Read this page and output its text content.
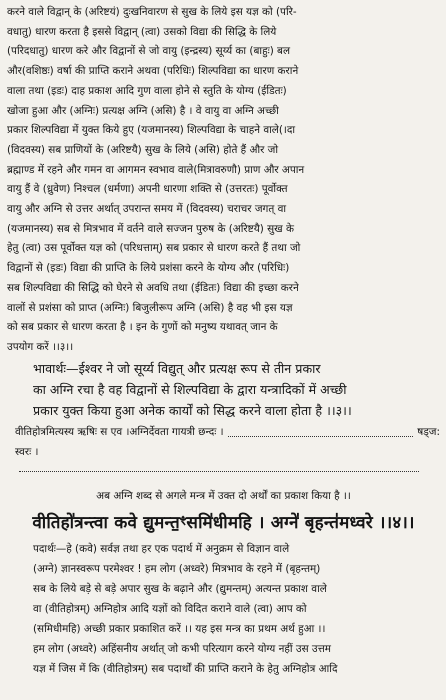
करने वाले विद्वान् के (अरिष्टयं) दुःखनिवारण से सुख के लिये इस यज्ञ को (परि-
वधातु) धारण करता है इससे विद्वान् (त्वा) उसको विद्या की सिद्धि के लिये
(परिदधातु) धारण करे और विद्वानों से जो वायु (इन्द्रस्य) सूर्य्य का (बाहुः) बल
और(वशिष्ठः) वर्षा की प्राप्ति कराने अथवा (परिधिः) शिल्पविद्या का धारण कराने
वाला तथा (इडः) दाह प्रकाश आदि गुण वाला होने से स्तुति के योग्य (ईडितः)
खोजा हुआ और (अग्निः) प्रत्यक्ष अग्नि (असि) है । वे वायु वा अग्नि अच्छी
प्रकार शिल्पविद्या में युक्त किये हुए (यजमानस्य) शिल्पविद्या के चाहने वाले(।दा
(विदवस्य) सब प्राणियों के (अरिष्टयै) सुख के लिये (असि) होते हैं और जो
ब्रह्माण्ड में रहने और गमन वा आगमन स्वभाव वाले(मित्रावरुणौ) प्राण और अपान
वायु हैं वे (ध्रुवेण) निश्चल (धर्मणा) अपनी धारणा शक्ति से (उत्तरतः) पूर्वोक्त
वायु और अग्नि से उत्तर अर्थात् उपरान्त समय में (विदवस्य) चराचर जगत् वा
(यजमानस्य) सब से मित्रभाव में वर्तने वाले सज्जन पुरुष के (अरिष्टयै) सुख के
हेतु (त्वा) उस पूर्वोक्त यज्ञ को (परिधत्ताम्) सब प्रकार से धारण करते हैं तथा जो
विद्वानों से (इडः) विद्या की प्राप्ति के लिये प्रशंसा करने के योग्य और (परिधिः)
सब शिल्पविद्या की सिद्धि को घेरने से अवधि तथा (ईडितः) विद्या की इच्छा करने
वालों से प्रशंसा को प्राप्त (अग्निः) बिजुलीरूप अग्नि (असि) है वह भी इस यज्ञ
को सब प्रकार से धारण करता है । इन के गुणों को मनुष्य यथावत् जान के
उपयोग करें ।।३।।
भावार्थः—ईश्वर ने जो सूर्य्य विद्युत् और प्रत्यक्ष रूप से तीन प्रकार
का अग्नि रचा है वह विद्वानों से शिल्पविद्या के द्वारा यन्त्रादिकों में अच्छी
प्रकार युक्त किया हुआ अनेक कार्यों को सिद्ध करने वाला होता है ।।३।।
वीतिहोत्रमित्यस्य ऋषिः स एव । अग्निर्देवता गायत्री छन्दः ।	षड्ज:
स्वरः ।
अब अग्नि शब्द से अगले मन्त्र में उक्त दो अर्थों का प्रकाश किया है ।।
वीतिहो॑त्रन्त्वा कवे द्युमन्त॒ꣳसमि॑धीमहि । अग्ने॑ बृहन्त॑मध्वरे ।।४।।
पदार्थः—हे (कवे) सर्वज्ञ तथा हर एक पदार्थ में अनुक्रम से विज्ञान वाले
(अग्ने) ज्ञानस्वरूप परमेश्वर ! हम लोग (अध्वरे) मित्रभाव के रहने में (बृहन्तम्)
सब के लिये बड़े से बड़े अपार सुख के बढ़ाने और (द्युमन्तम्) अत्यन्त प्रकाश वाले
वा (वीतिहोत्रम्) अग्निहोत्र आदि यज्ञों को विदित कराने वाले (त्वा) आप को
(समिधीमहि) अच्छी प्रकार प्रकाशित करें ।। यह इस मन्त्र का प्रथम अर्थ हुआ ।।
हम लोग (अध्वरे) अहिंसनीय अर्थात् जो कभी परित्याग करने योग्य नहीं उस उत्तम
यज्ञ में जिस में कि (वीतिहोत्रम्) सब पदार्थों की प्राप्ति कराने के हेतु अग्निहोत्र आदि
